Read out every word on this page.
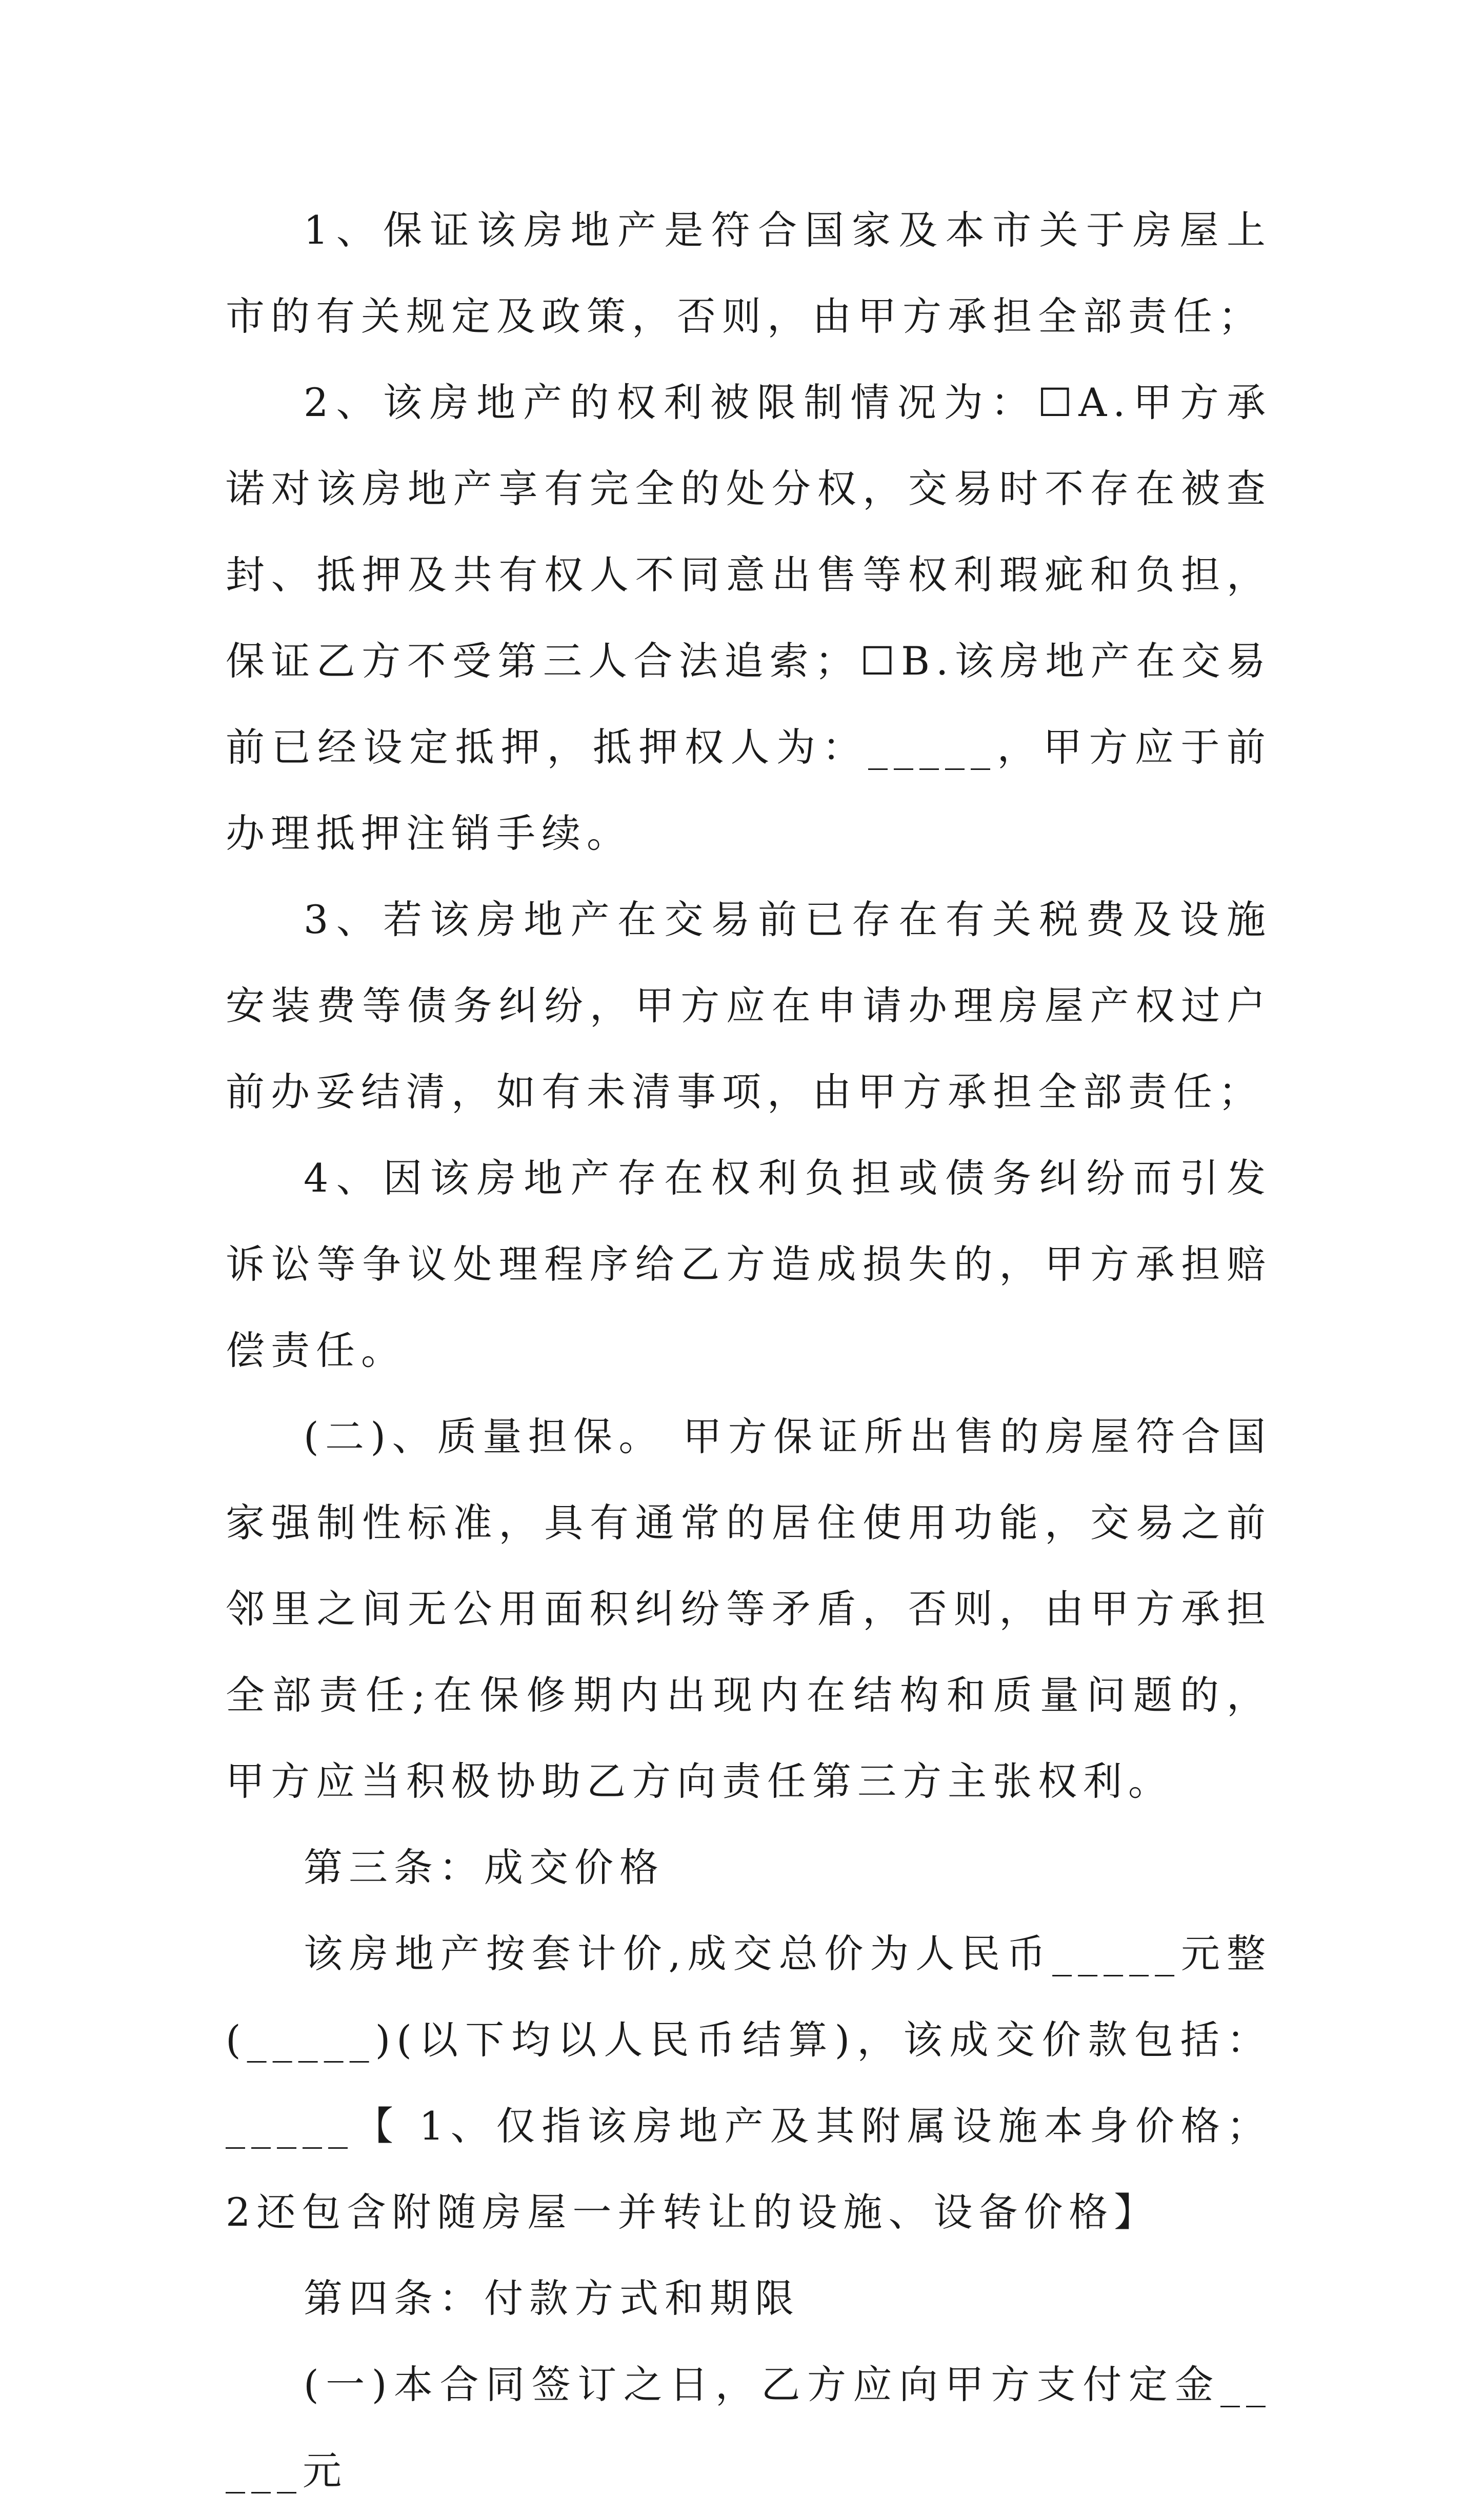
1、保证该房地产是符合国家及本市关于房屋上市的有关规定及政策，否则，由甲方承担全部责任；

2、该房地产的权利被限制情况为：☐A.甲方承诺对该房地产享有完全的处分权，交易时不存在被查封、抵押及共有权人不同意出售等权利瑕疵和负担，保证乙方不受第三人合法追索；☐B.该房地产在交易前已经设定抵押，抵押权人为：_____，甲方应于前办理抵押注销手续。

3、若该房地产在交易前已存在有关税费及设施安装费等债务纠纷，甲方应在申请办理房屋产权过户前办妥结清，如有未清事项，由甲方承担全部责任；

4、因该房地产存在权利负担或债务纠纷而引发诉讼等争议处理程序给乙方造成损失的，甲方承担赔偿责任。

(二)、质量担保。 甲方保证所出售的房屋符合国家强制性标准，具有通常的居住使用功能，交易之前邻里之间无公用面积纠纷等矛盾，否则，由甲方承担全部责任;在保修期内出现内在结构和质量问题的，甲方应当积极协助乙方向责任第三方主张权利。

第三条：成交价格

该房地产按套计价,成交总价为人民币_____元整(_____)(以下均以人民币结算)，该成交价款包括：_____【 1、仅指该房地产及其附属设施本身价格；2还包含附随房屋一并转让的设施、设备价格】

第四条：付款方式和期限

(一)本合同签订之日，乙方应向甲方支付定金_____元
